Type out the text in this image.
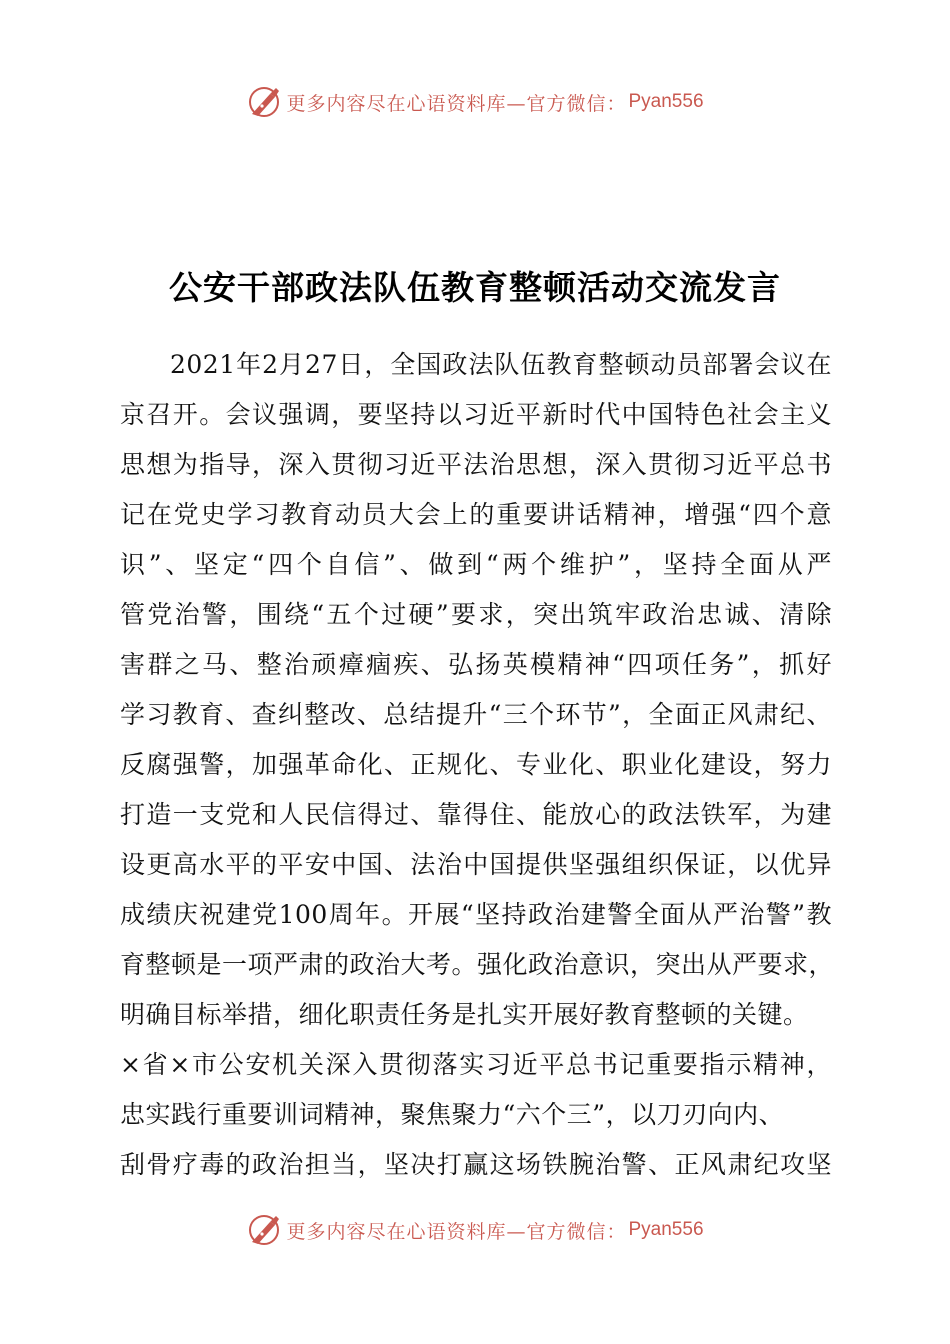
更多内容尽在心语资料库—官方微信： Pyan556
公安干部政法队伍教育整顿活动交流发言
2021年2月27日，全国政法队伍教育整顿动员部署会议在
京召开。会议强调，要坚持以习近平新时代中国特色社会主义
思想为指导，深入贯彻习近平法治思想，深入贯彻习近平总书
记在党史学习教育动员大会上的重要讲话精神，增强“四个意
识”、坚定“四个自信”、做到“两个维护”，坚持全面从严
管党治警，围绕“五个过硬”要求，突出筑牢政治忠诚、清除
害群之马、整治顽瘴痼疾、弘扬英模精神“四项任务”，抓好
学习教育、查纠整改、总结提升“三个环节”，全面正风肃纪、
反腐强警，加强革命化、正规化、专业化、职业化建设，努力
打造一支党和人民信得过、靠得住、能放心的政法铁军，为建
设更高水平的平安中国、法治中国提供坚强组织保证，以优异
成绩庆祝建党100周年。开展“坚持政治建警全面从严治警”教
育整顿是一项严肃的政治大考。强化政治意识，突出从严要求，
明确目标举措，细化职责任务是扎实开展好教育整顿的关键。
×省×市公安机关深入贯彻落实习近平总书记重要指示精神，
忠实践行重要训词精神，聚焦聚力“六个三”，以刀刃向内、
刮骨疗毒的政治担当，坚决打赢这场铁腕治警、正风肃纪攻坚
更多内容尽在心语资料库—官方微信： Pyan556
